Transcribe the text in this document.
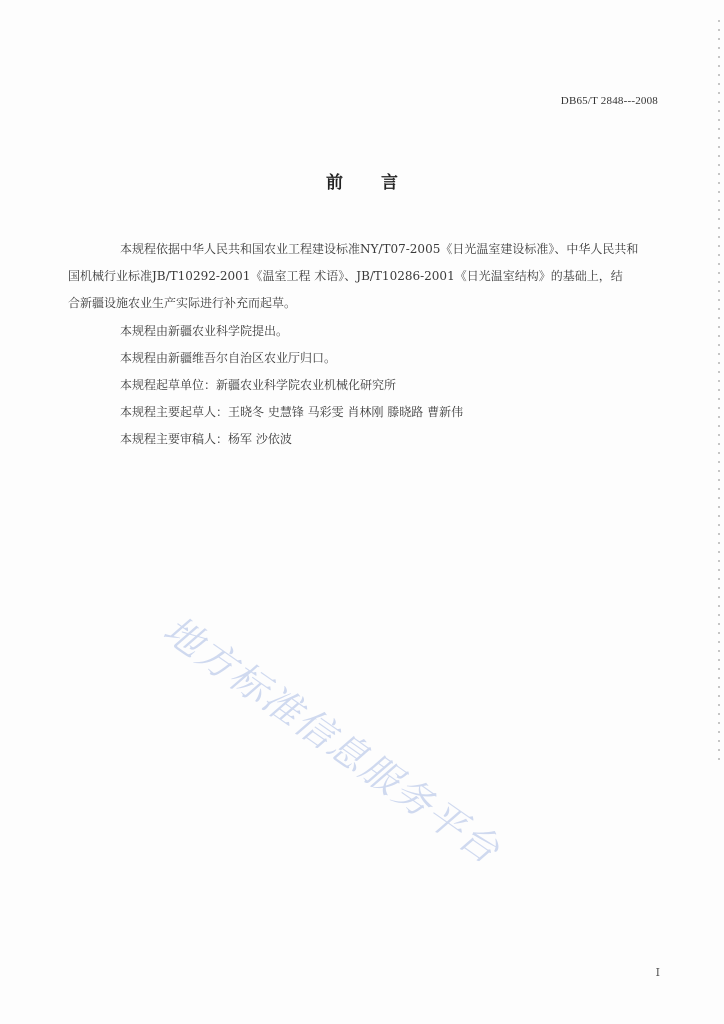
DB65/T 2848---2008
前 言

本规程依据中华人民共和国农业工程建设标准NY/T07-2005《日光温室建设标准》、中华人民共和
国机械行业标准JB/T10292-2001《温室工程 术语》、JB/T10286-2001《日光温室结构》的基础上，结
合新疆设施农业生产实际进行补充而起草。

本规程由新疆农业科学院提出。

本规程由新疆维吾尔自治区农业厅归口。

本规程起草单位：新疆农业科学院农业机械化研究所

本规程主要起草人：王晓冬 史慧锋 马彩雯 肖林刚 滕晓路 曹新伟

本规程主要审稿人：杨军 沙依波

地方标准信息服务平台
I
